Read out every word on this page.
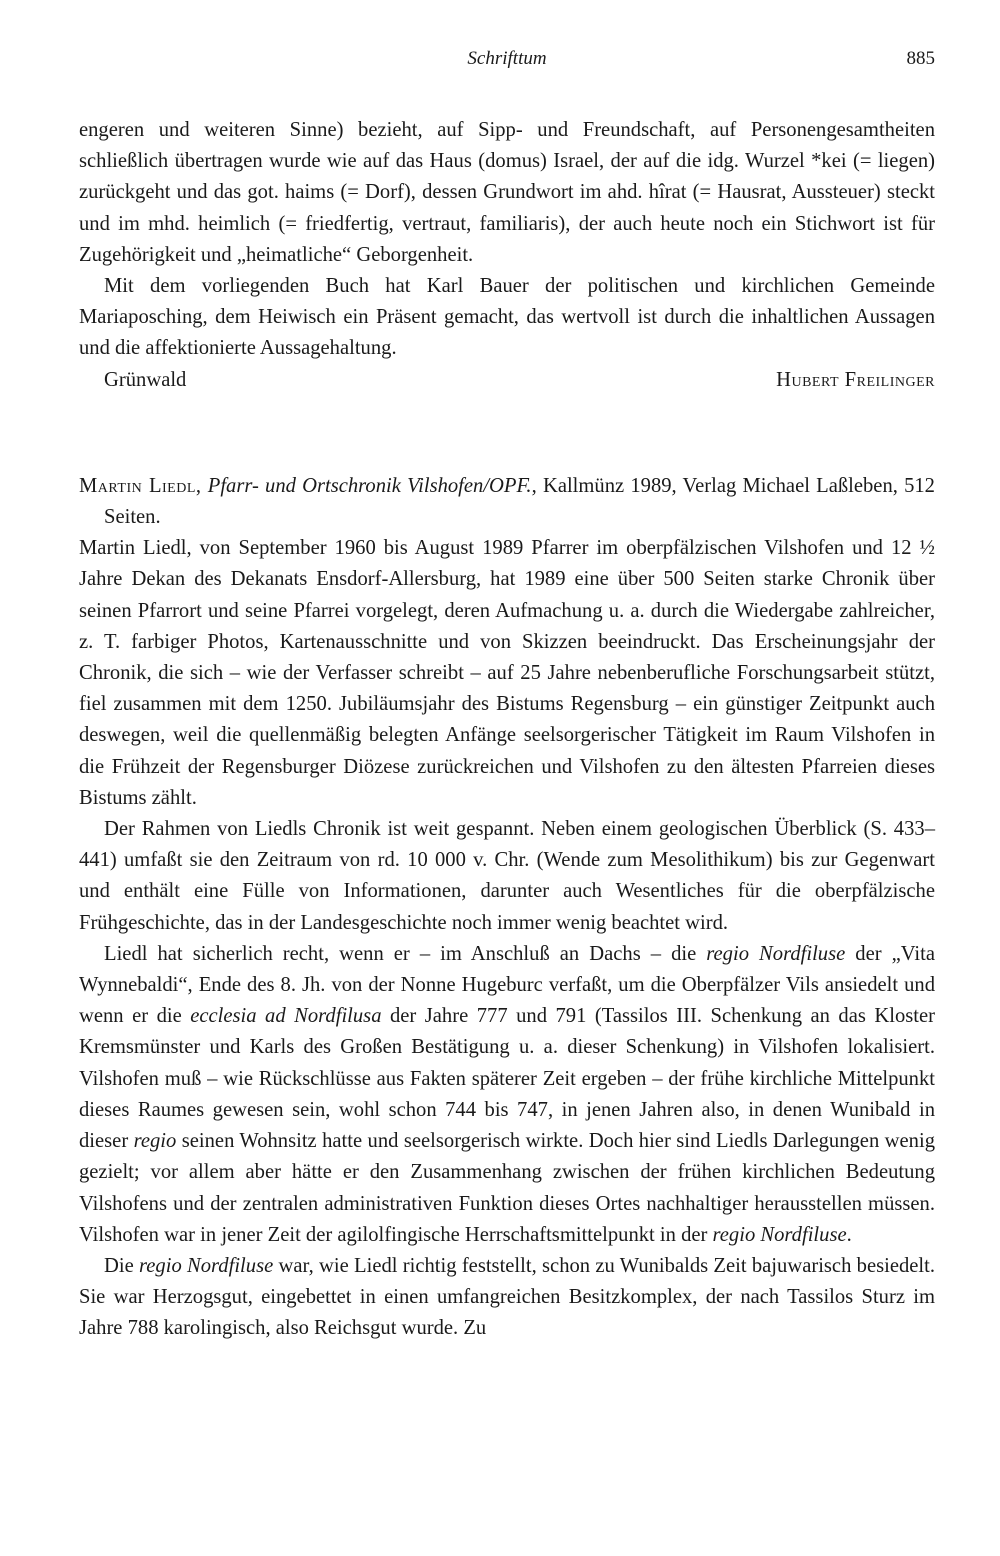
Schrifttum	885

engeren und weiteren Sinne) bezieht, auf Sipp- und Freundschaft, auf Personengesamtheiten schließlich übertragen wurde wie auf das Haus (domus) Israel, der auf die idg. Wurzel *kei (= liegen) zurückgeht und das got. haims (= Dorf), dessen Grundwort im ahd. hîrat (= Hausrat, Aussteuer) steckt und im mhd. heimlich (= friedfertig, vertraut, familiaris), der auch heute noch ein Stichwort ist für Zugehörigkeit und „heimatliche“ Geborgenheit.

Mit dem vorliegenden Buch hat Karl Bauer der politischen und kirchlichen Gemeinde Mariaposching, dem Heiwisch ein Präsent gemacht, das wertvoll ist durch die inhaltlichen Aussagen und die affektionierte Aussagehaltung.

Grünwald	Hubert Freilinger

Martin Liedl, Pfarr- und Ortschronik Vilshofen/OPF., Kallmünz 1989, Verlag Michael Laßleben, 512 Seiten.

Martin Liedl, von September 1960 bis August 1989 Pfarrer im oberpfälzischen Vilshofen und 12 ½ Jahre Dekan des Dekanats Ensdorf-Allersburg, hat 1989 eine über 500 Seiten starke Chronik über seinen Pfarrort und seine Pfarrei vorgelegt, deren Aufmachung u. a. durch die Wiedergabe zahlreicher, z. T. farbiger Photos, Kartenausschnitte und von Skizzen beeindruckt. Das Erscheinungsjahr der Chronik, die sich – wie der Verfasser schreibt – auf 25 Jahre nebenberufliche Forschungsarbeit stützt, fiel zusammen mit dem 1250. Jubiläumsjahr des Bistums Regensburg – ein günstiger Zeitpunkt auch deswegen, weil die quellenmäßig belegten Anfänge seelsorgerischer Tätigkeit im Raum Vilshofen in die Frühzeit der Regensburger Diözese zurückreichen und Vilshofen zu den ältesten Pfarreien dieses Bistums zählt.

Der Rahmen von Liedls Chronik ist weit gespannt. Neben einem geologischen Überblick (S. 433–441) umfaßt sie den Zeitraum von rd. 10 000 v. Chr. (Wende zum Mesolithikum) bis zur Gegenwart und enthält eine Fülle von Informationen, darunter auch Wesentliches für die oberpfälzische Frühgeschichte, das in der Landesgeschichte noch immer wenig beachtet wird.

Liedl hat sicherlich recht, wenn er – im Anschluß an Dachs – die regio Nordfiluse der „Vita Wynnebaldi“, Ende des 8. Jh. von der Nonne Hugeburc verfaßt, um die Oberpfälzer Vils ansiedelt und wenn er die ecclesia ad Nordfilusa der Jahre 777 und 791 (Tassilos III. Schenkung an das Kloster Kremsmünster und Karls des Großen Bestätigung u. a. dieser Schenkung) in Vilshofen lokalisiert. Vilshofen muß – wie Rückschlüsse aus Fakten späterer Zeit ergeben – der frühe kirchliche Mittelpunkt dieses Raumes gewesen sein, wohl schon 744 bis 747, in jenen Jahren also, in denen Wunibald in dieser regio seinen Wohnsitz hatte und seelsorgerisch wirkte. Doch hier sind Liedls Darlegungen wenig gezielt; vor allem aber hätte er den Zusammenhang zwischen der frühen kirchlichen Bedeutung Vilshofens und der zentralen administrativen Funktion dieses Ortes nachhaltiger herausstellen müssen. Vilshofen war in jener Zeit der agilolfingische Herrschaftsmittelpunkt in der regio Nordfiluse.

Die regio Nordfiluse war, wie Liedl richtig feststellt, schon zu Wunibalds Zeit bajuwarisch besiedelt. Sie war Herzogsgut, eingebettet in einen umfangreichen Besitzkomplex, der nach Tassilos Sturz im Jahre 788 karolingisch, also Reichsgut wurde. Zu
